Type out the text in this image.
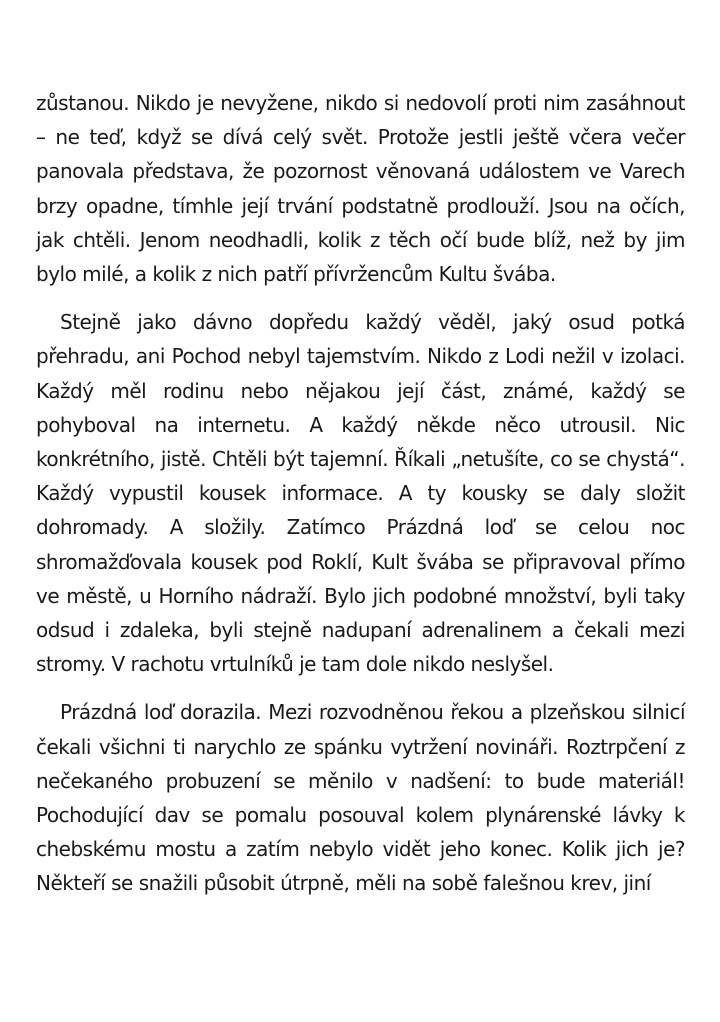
zůstanou. Nikdo je nevyžene, nikdo si nedovolí proti nim zasáhnout – ne teď, když se dívá celý svět. Protože jestli ještě včera večer panovala představa, že pozornost věnovaná událostem ve Varech brzy opadne, tímhle její trvání podstatně prodlouží. Jsou na očích, jak chtěli. Jenom neodhadli, kolik z těch očí bude blíž, než by jim bylo milé, a kolik z nich patří přívržencům Kultu švába.

Stejně jako dávno dopředu každý věděl, jaký osud potká přehradu, ani Pochod nebyl tajemstvím. Nikdo z Lodi nežil v izolaci. Každý měl rodinu nebo nějakou její část, známé, každý se pohyboval na internetu. A každý někde něco utrousil. Nic konkrétního, jistě. Chtěli být tajemní. Říkali „netušíte, co se chystá“. Každý vypustil kousek informace. A ty kousky se daly složit dohromady. A složily. Zatímco Prázdná loď se celou noc shromažďovala kousek pod Roklí, Kult švába se připravoval přímo ve městě, u Horního nádraží. Bylo jich podobné množství, byli taky odsud i zdaleka, byli stejně nadupaní adrenalinem a čekali mezi stromy. V rachotu vrtulníků je tam dole nikdo neslyšel.

Prázdná loď dorazila. Mezi rozvodněnou řekou a plzeňskou silnicí čekali všichni ti narychlo ze spánku vytržení novináři. Roztrpčení z nečekaného probuzení se měnilo v nadšení: to bude materiál! Pochodující dav se pomalu posouval kolem plynárenské lávky k chebskému mostu a zatím nebylo vidět jeho konec. Kolik jich je? Někteří se snažili působit útrpně, měli na sobě falešnou krev, jiní
